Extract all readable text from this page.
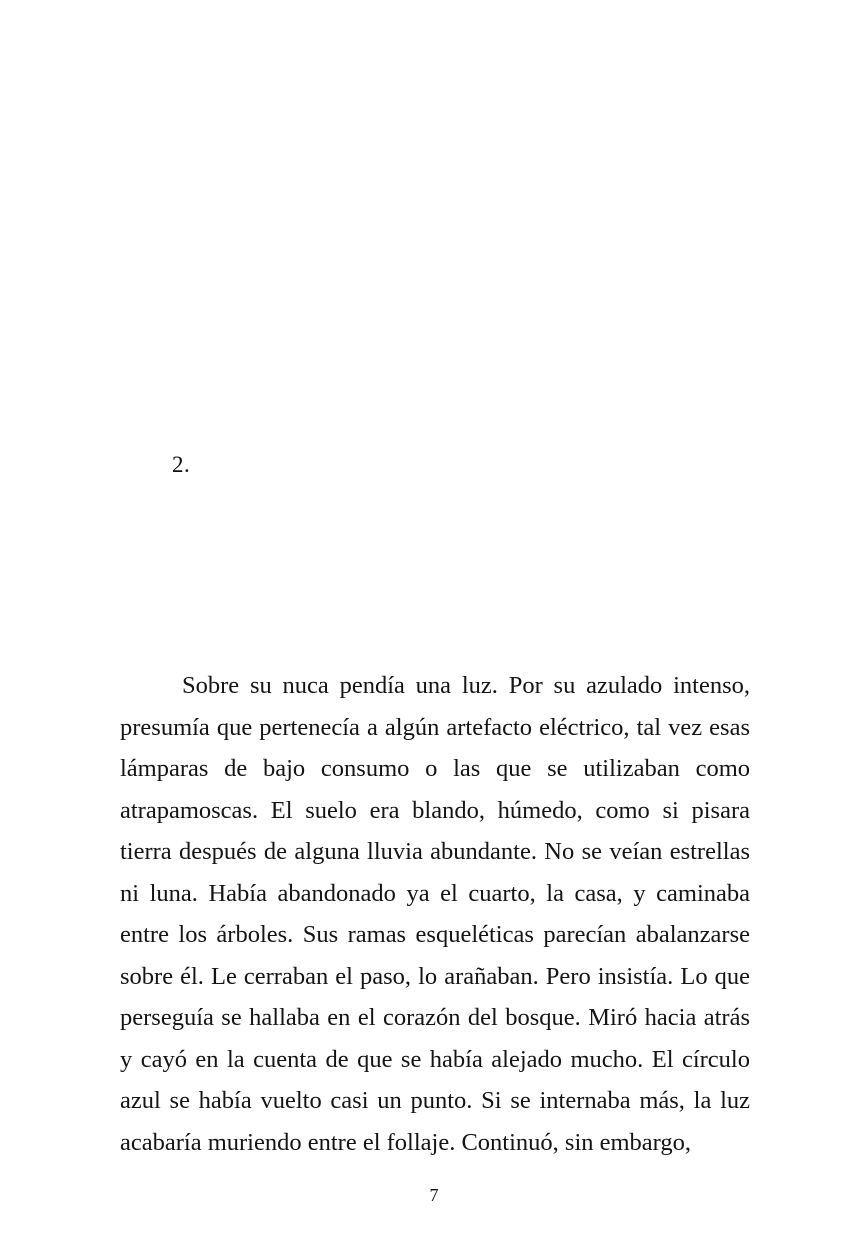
2.

Sobre su nuca pendía una luz. Por su azulado intenso, presumía que pertenecía a algún artefacto eléctrico, tal vez esas lámparas de bajo consumo o las que se utilizaban como atrapamoscas. El suelo era blando, húmedo, como si pisara tierra después de alguna lluvia abundante. No se veían estrellas ni luna. Había abandonado ya el cuarto, la casa, y caminaba entre los árboles. Sus ramas esqueléticas parecían abalanzarse sobre él. Le cerraban el paso, lo arañaban. Pero insistía. Lo que perseguía se hallaba en el corazón del bosque. Miró hacia atrás y cayó en la cuenta de que se había alejado mucho. El círculo azul se había vuelto casi un punto. Si se internaba más, la luz acabaría muriendo entre el follaje. Continuó, sin embargo,

7
